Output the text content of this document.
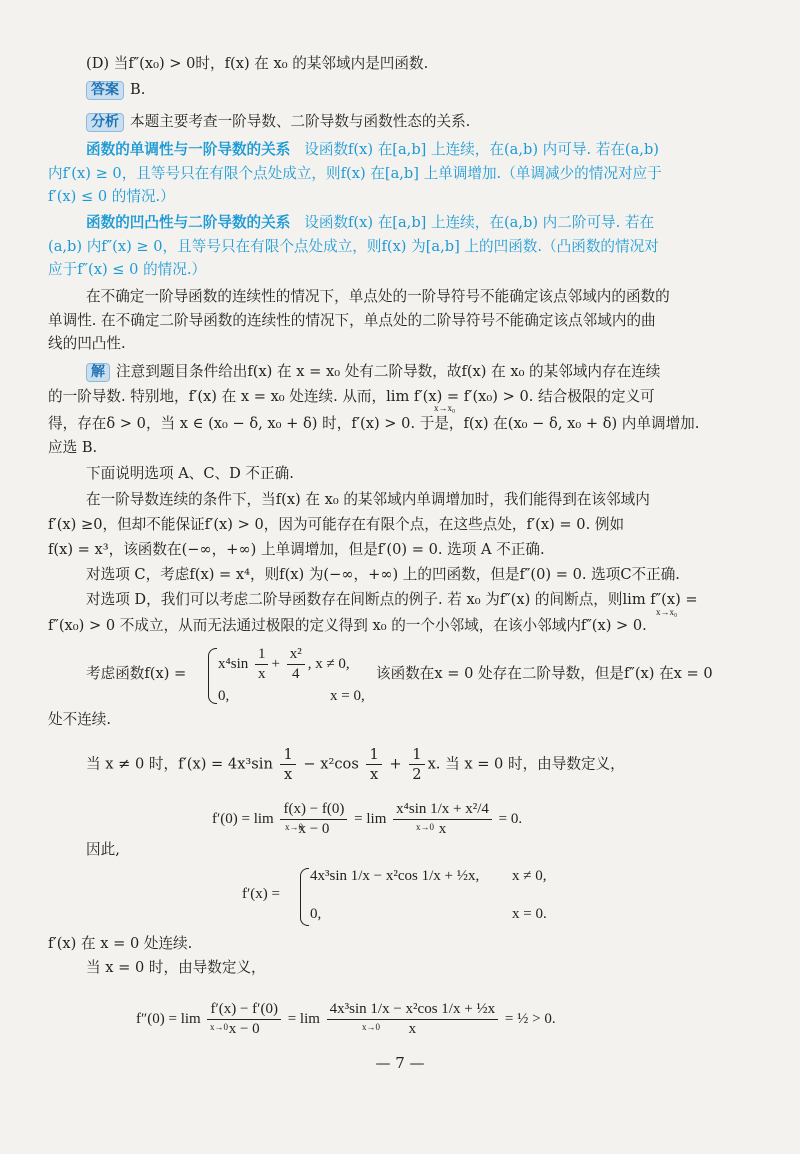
(D) 当f″(x₀) > 0时，f(x) 在 x₀ 的某邻域内是凹函数.
答案 B.
分析 本题主要考查一阶导数、二阶导数与函数性态的关系.
函数的单调性与一阶导数的关系 设函数f(x) 在[a,b] 上连续，在(a,b) 内可导. 若在(a,b)
内f′(x) ≥ 0，且等号只在有限个点处成立，则f(x) 在[a,b] 上单调增加.（单调减少的情况对应于
f′(x) ≤ 0 的情况.）
函数的凹凸性与二阶导数的关系 设函数f(x) 在[a,b] 上连续，在(a,b) 内二阶可导. 若在
(a,b) 内f″(x) ≥ 0，且等号只在有限个点处成立，则f(x) 为[a,b] 上的凹函数.（凸函数的情况对
应于f″(x) ≤ 0 的情况.）
在不确定一阶导函数的连续性的情况下，单点处的一阶导符号不能确定该点邻域内的函数的
单调性. 在不确定二阶导函数的连续性的情况下，单点处的二阶导符号不能确定该点邻域内的曲
线的凹凸性.
解 注意到题目条件给出f(x) 在 x = x₀ 处有二阶导数，故f(x) 在 x₀ 的某邻域内存在连续
的一阶导数. 特别地，f′(x) 在 x = x₀ 处连续. 从而，lim f′(x) = f′(x₀) > 0. 结合极限的定义可
x→x₀
得，存在δ > 0，当 x ∈ (x₀ − δ, x₀ + δ) 时，f′(x) > 0. 于是，f(x) 在(x₀ − δ, x₀ + δ) 内单调增加.
应选 B.
下面说明选项 A、C、D 不正确.
在一阶导数连续的条件下，当f(x) 在 x₀ 的某邻域内单调增加时，我们能得到在该邻域内
f′(x) ≥0，但却不能保证f′(x) > 0，因为可能存在有限个点，在这些点处，f′(x) = 0. 例如
f(x) = x³，该函数在(−∞，+∞) 上单调增加，但是f′(0) = 0. 选项 A 不正确.
对选项 C，考虑f(x) = x⁴，则f(x) 为(−∞，+∞) 上的凹函数，但是f″(0) = 0. 选项C不正确.
对选项 D，我们可以考虑二阶导函数存在间断点的例子. 若 x₀ 为f″(x) 的间断点，则lim f″(x) =
x→x₀
f″(x₀) > 0 不成立，从而无法通过极限的定义得到 x₀ 的一个小邻域，在该小邻域内f″(x) > 0.
考虑函数f(x) =
$x^4\sin \frac{1}{x} + \frac{\text{x²}}{4}$ , x ≠ 0,
0,	x = 0,
该函数在x = 0 处存在二阶导数，但是f″(x) 在x = 0
处不连续.
当 x ≠ 0 时，$f'(x) = 4x^3\sin \frac{1}{x} - x^2\cos \frac{1}{x} + \frac{1}{2} x$. 当 x = 0 时，由导数定义，
$f'(0) = \lim \frac{f(x) - f(0)}{x - 0} = \lim \frac{\text{x⁴sin 1/x + x²/4}}{x} = 0$.
x→0	x→0
因此,
f′(x) =
4x³sin 1/x − x²cos 1/x + ½x, x ≠ 0,
0,	x = 0.
f′(x) 在 x = 0 处连续.
当 x = 0 时，由导数定义，
$f''(0) = \lim \frac{f'(x) - f'(0)}{x - 0} = \lim \frac{\text{4x³sin 1/x − x²cos 1/x + ½x}}{x}$ = ½ > 0.
x→0	x→0
— 7 —
